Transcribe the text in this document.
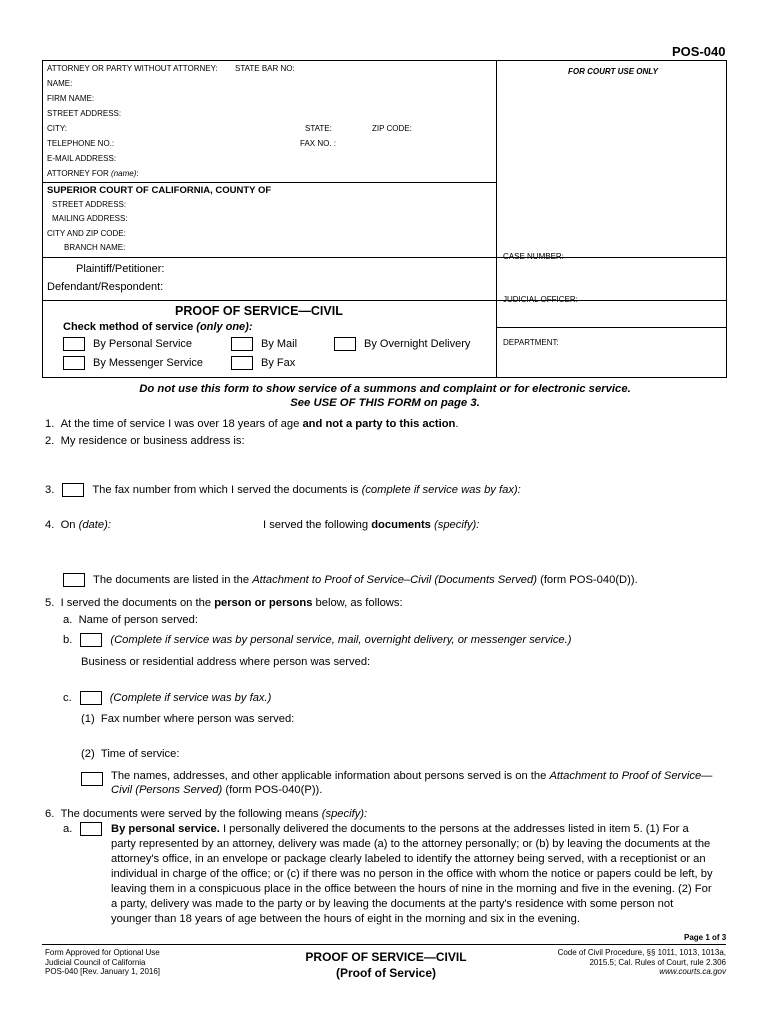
POS-040
ATTORNEY OR PARTY WITHOUT ATTORNEY: STATE BAR NO:	FOR COURT USE ONLY
NAME:
FIRM NAME:
STREET ADDRESS:
CITY:	STATE:	ZIP CODE:
TELEPHONE NO.:	FAX NO. :
E-MAIL ADDRESS:
ATTORNEY FOR (name):
SUPERIOR COURT OF CALIFORNIA, COUNTY OF
STREET ADDRESS:
MAILING ADDRESS:
CITY AND ZIP CODE:
BRANCH NAME:
Plaintiff/Petitioner:
Defendant/Respondent:
CASE NUMBER:
JUDICIAL OFFICER:
DEPARTMENT:
PROOF OF SERVICE—CIVIL
Check method of service (only one):
By Personal Service	By Mail	By Overnight Delivery
By Messenger Service	By Fax
Do not use this form to show service of a summons and complaint or for electronic service.
See USE OF THIS FORM on page 3.
1. At the time of service I was over 18 years of age and not a party to this action.
2. My residence or business address is:
3.	The fax number from which I served the documents is
(complete if service was by fax):
4. On (date):	I served the following documents (specify):
The documents are listed in the
Attachment to Proof of Service–Civil (Documents Served)
(form POS-040(D)).
5. I served the documents on the person or persons below, as follows:
a. Name of person served:
b.	(Complete if service was by personal service, mail, overnight delivery, or messenger service.)
Business or residential address where person was served:
c.	(Complete if service was by fax.)
(1) Fax number where person was served:
(2) Time of service:
The names, addresses, and other applicable information about persons served is on the Attachment to Proof of Service—
Civil (Persons Served) (form POS-040(P)).
6. The documents were served by the following means (specify):
a.	By personal service. I personally delivered the documents to the persons at the addresses listed in item 5. (1) For a
party represented by an attorney, delivery was made (a) to the attorney personally; or (b) by leaving the documents at the
attorney's office, in an envelope or package clearly labeled to identify the attorney being served, with a receptionist or an
individual in charge of the office; or (c) if there was no person in the office with whom the notice or papers could be left, by
leaving them in a conspicuous place in the office between the hours of nine in the morning and five in the evening. (2) For
a party, delivery was made to the party or by leaving the documents at the party's residence with some person not
younger than 18 years of age between the hours of eight in the morning and six in the evening.
Page 1 of 3
Form Approved for Optional Use
Judicial Council of California
POS-040 [Rev. January 1, 2016]
PROOF OF SERVICE—CIVIL
(Proof of Service)
Code of Civil Procedure, §§ 1011, 1013, 1013a,
2015.5; Cal. Rules of Court, rule 2.306
www.courts.ca.gov
